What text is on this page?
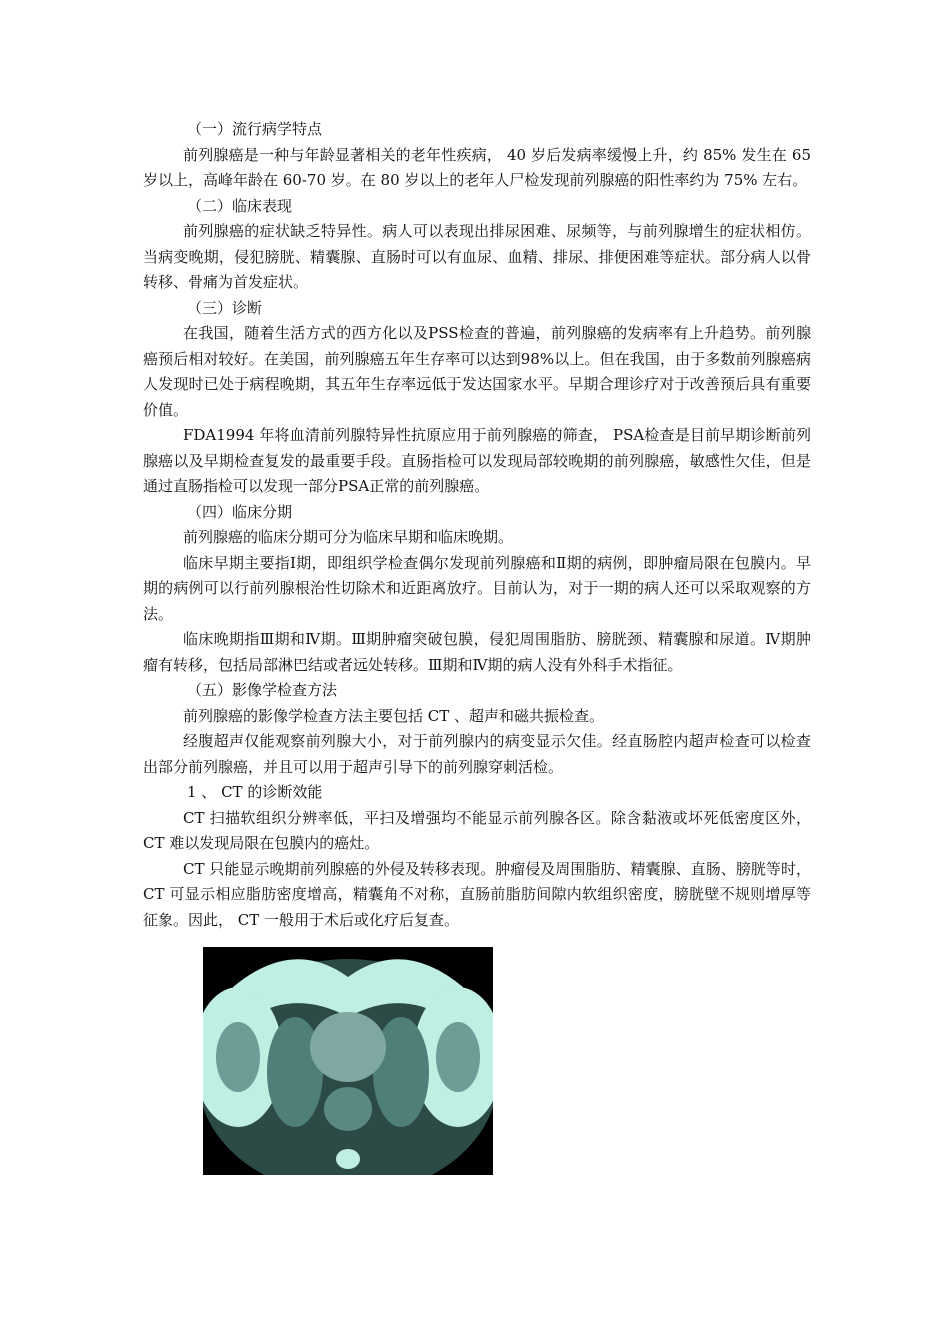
（一）流行病学特点

前列腺癌是一种与年龄显著相关的老年性疾病， 40 岁后发病率缓慢上升，约 85% 发生在 65 岁以上，高峰年龄在 60-70 岁。在 80 岁以上的老年人尸检发现前列腺癌的阳性率约为 75% 左右。

（二）临床表现

前列腺癌的症状缺乏特异性。病人可以表现出排尿困难、尿频等，与前列腺增生的症状相仿。当病变晚期，侵犯膀胱、精囊腺、直肠时可以有血尿、血精、排尿、排便困难等症状。部分病人以骨转移、骨痛为首发症状。

（三）诊断

在我国，随着生活方式的西方化以及PSS检查的普遍，前列腺癌的发病率有上升趋势。前列腺癌预后相对较好。在美国，前列腺癌五年生存率可以达到98%以上。但在我国，由于多数前列腺癌病人发现时已处于病程晚期，其五年生存率远低于发达国家水平。早期合理诊疗对于改善预后具有重要价值。

FDA1994 年将血清前列腺特异性抗原应用于前列腺癌的筛查， PSA检查是目前早期诊断前列腺癌以及早期检查复发的最重要手段。直肠指检可以发现局部较晚期的前列腺癌，敏感性欠佳，但是通过直肠指检可以发现一部分PSA正常的前列腺癌。

（四）临床分期

前列腺癌的临床分期可分为临床早期和临床晚期。

临床早期主要指Ⅰ期，即组织学检查偶尔发现前列腺癌和Ⅱ期的病例，即肿瘤局限在包膜内。早期的病例可以行前列腺根治性切除术和近距离放疗。目前认为，对于一期的病人还可以采取观察的方法。

临床晚期指Ⅲ期和Ⅳ期。Ⅲ期肿瘤突破包膜，侵犯周围脂肪、膀胱颈、精囊腺和尿道。Ⅳ期肿瘤有转移，包括局部淋巴结或者远处转移。Ⅲ期和Ⅳ期的病人没有外科手术指征。

（五）影像学检查方法

前列腺癌的影像学检查方法主要包括 CT 、超声和磁共振检查。

经腹超声仅能观察前列腺大小，对于前列腺内的病变显示欠佳。经直肠腔内超声检查可以检查出部分前列腺癌，并且可以用于超声引导下的前列腺穿刺活检。

1 、 CT 的诊断效能

CT 扫描软组织分辨率低，平扫及增强均不能显示前列腺各区。除含黏液或坏死低密度区外， CT 难以发现局限在包膜内的癌灶。

CT 只能显示晚期前列腺癌的外侵及转移表现。肿瘤侵及周围脂肪、精囊腺、直肠、膀胱等时， CT 可显示相应脂肪密度增高，精囊角不对称，直肠前脂肪间隙内软组织密度，膀胱壁不规则增厚等征象。因此， CT 一般用于术后或化疗后复查。
